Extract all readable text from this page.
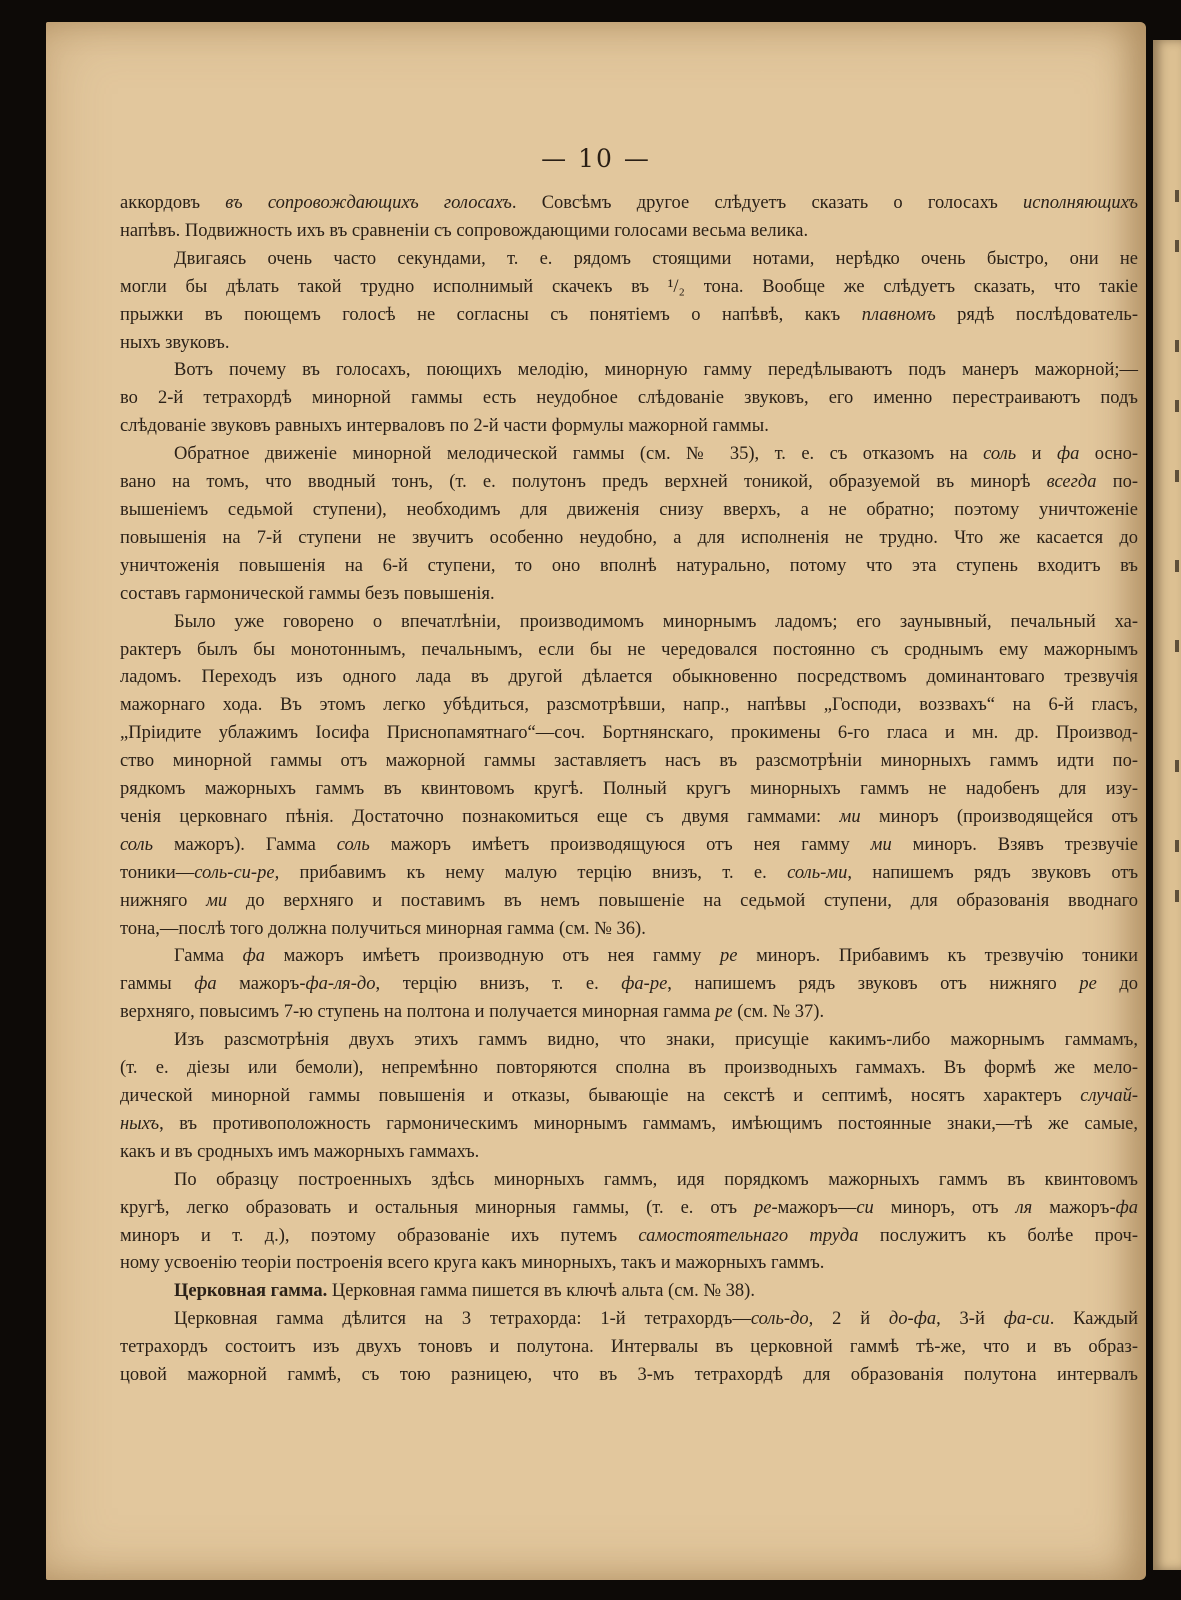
— 10 —
аккордовъ въ сопровождающихъ голосахъ. Совсѣмъ другое слѣдуетъ сказать о голосахъ исполняющихъ
напѣвъ. Подвижность ихъ въ сравненіи съ сопровождающими голосами весьма велика.
Двигаясь очень часто секундами, т. е. рядомъ стоящими нотами, нерѣдко очень быстро, они не
могли бы дѣлать такой трудно исполнимый скачекъ въ ¹/₂ тона. Вообще же слѣдуетъ сказать, что такіе
прыжки въ поющемъ голосѣ не согласны съ понятіемъ о напѣвѣ, какъ плавномъ рядѣ послѣдователь-
ныхъ звуковъ.
Вотъ почему въ голосахъ, поющихъ мелодію, минорную гамму передѣлываютъ подъ манеръ мажорной;—
во 2-й тетрахордѣ минорной гаммы есть неудобное слѣдованіе звуковъ, его именно перестраиваютъ подъ
слѣдованіе звуковъ равныхъ интерваловъ по 2-й части формулы мажорной гаммы.
Обратное движеніе минорной мелодической гаммы (см. № 35), т. е. съ отказомъ на соль и фа осно-
вано на томъ, что вводный тонъ, (т. е. полутонъ предъ верхней тоникой, образуемой въ минорѣ всегда по-
вышеніемъ седьмой ступени), необходимъ для движенія снизу вверхъ, а не обратно; поэтому уничтоженіе
повышенія на 7-й ступени не звучитъ особенно неудобно, а для исполненія не трудно. Что же касается до
уничтоженія повышенія на 6-й ступени, то оно вполнѣ натурально, потому что эта ступень входитъ въ
составъ гармонической гаммы безъ повышенія.
Было уже говорено о впечатлѣніи, производимомъ минорнымъ ладомъ; его заунывный, печальный ха-
рактеръ былъ бы монотоннымъ, печальнымъ, если бы не чередовался постоянно съ сроднымъ ему мажорнымъ
ладомъ. Переходъ изъ одного лада въ другой дѣлается обыкновенно посредствомъ доминантоваго трезвучія
мажорнаго хода. Въ этомъ легко убѣдиться, разсмотрѣвши, напр., напѣвы „Господи, воззвахъ“ на 6-й гласъ,
„Пріидите ублажимъ Іосифа Приснопамятнаго“—соч. Бортнянскаго, прокимены 6-го гласа и мн. др. Производ-
ство минорной гаммы отъ мажорной гаммы заставляетъ насъ въ разсмотрѣніи минорныхъ гаммъ идти по-
рядкомъ мажорныхъ гаммъ въ квинтовомъ кругѣ. Полный кругъ минорныхъ гаммъ не надобенъ для изу-
ченія церковнаго пѣнія. Достаточно познакомиться еще съ двумя гаммами: ми миноръ (производящейся отъ
соль мажоръ). Гамма соль мажоръ имѣетъ производящуюся отъ нея гамму ми миноръ. Взявъ трезвучіе
тоники—соль-си-ре, прибавимъ къ нему малую терцію внизъ, т. е. соль-ми, напишемъ рядъ звуковъ отъ
нижняго ми до верхняго и поставимъ въ немъ повышеніе на седьмой ступени, для образованія вводнаго
тона,—послѣ того должна получиться минорная гамма (см. № 36).
Гамма фа мажоръ имѣетъ производную отъ нея гамму ре миноръ. Прибавимъ къ трезвучію тоники
гаммы фа мажоръ-фа-ля-до, терцію внизъ, т. е. фа-ре, напишемъ рядъ звуковъ отъ нижняго ре до
верхняго, повысимъ 7-ю ступень на полтона и получается минорная гамма ре (см. № 37).
Изъ разсмотрѣнія двухъ этихъ гаммъ видно, что знаки, присущіе какимъ-либо мажорнымъ гаммамъ,
(т. е. діезы или бемоли), непремѣнно повторяются сполна въ производныхъ гаммахъ. Въ формѣ же мело-
дической минорной гаммы повышенія и отказы, бывающіе на секстѣ и септимѣ, носятъ характеръ случай-
ныхъ, въ противоположность гармоническимъ минорнымъ гаммамъ, имѣющимъ постоянные знаки,—тѣ же самые,
какъ и въ сродныхъ имъ мажорныхъ гаммахъ.
По образцу построенныхъ здѣсь минорныхъ гаммъ, идя порядкомъ мажорныхъ гаммъ въ квинтовомъ
кругѣ, легко образовать и остальныя минорныя гаммы, (т. е. отъ ре-мажоръ—си миноръ, отъ ля мажоръ-фа
миноръ и т. д.), поэтому образованіе ихъ путемъ самостоятельнаго труда послужитъ къ болѣе проч-
ному усвоенію теоріи построенія всего круга какъ минорныхъ, такъ и мажорныхъ гаммъ.
Церковная гамма. Церковная гамма пишется въ ключѣ альта (см. № 38).
Церковная гамма дѣлится на 3 тетрахорда: 1-й тетрахордъ—соль-до, 2 й до-фа, 3-й фа-си. Каждый
тетрахордъ состоитъ изъ двухъ тоновъ и полутона. Интервалы въ церковной гаммѣ тѣ-же, что и въ образ-
цовой мажорной гаммѣ, съ тою разницею, что въ 3-мъ тетрахордѣ для образованія полутона интервалъ
